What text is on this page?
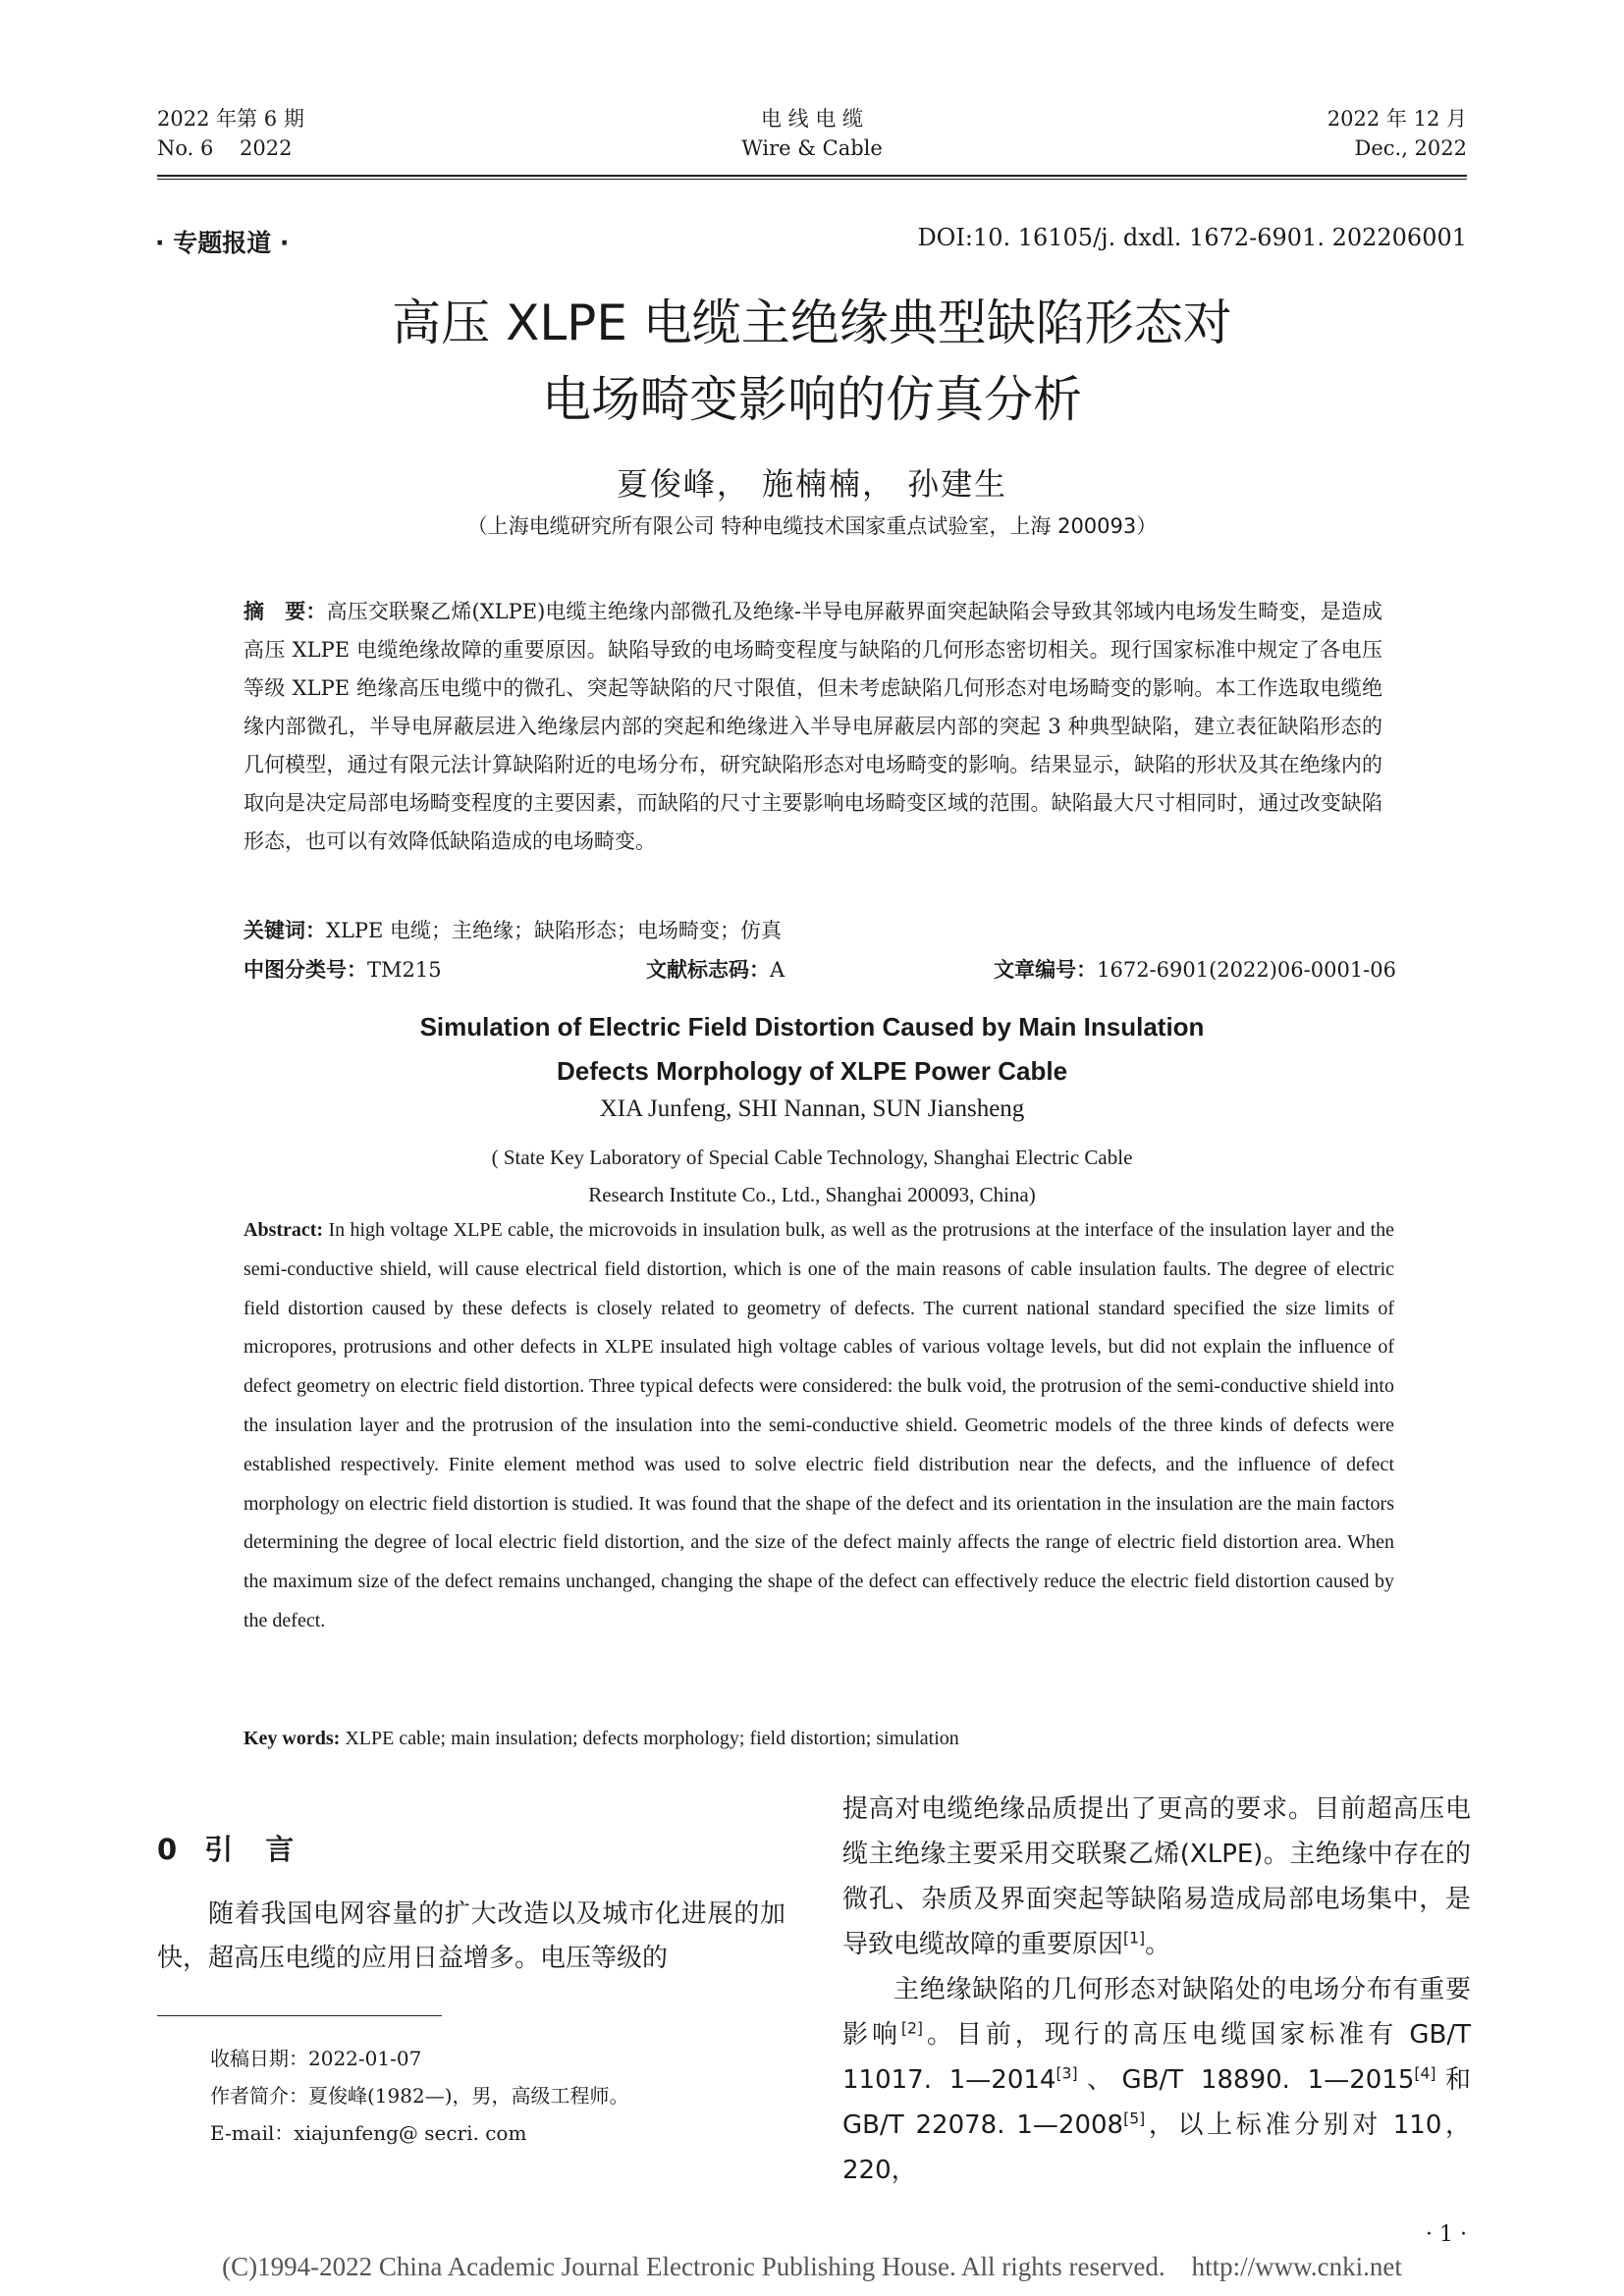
2022 年第 6 期
No. 6    2022
电 线 电 缆
Wire & Cable
2022 年 12 月
Dec., 2022
· 专题报道 ·	DOI:10. 16105/j. dxdl. 1672-6901. 202206001
高压 XLPE 电缆主绝缘典型缺陷形态对
电场畸变影响的仿真分析
夏俊峰， 施楠楠， 孙建生
（上海电缆研究所有限公司 特种电缆技术国家重点试验室，上海 200093）
摘　要：高压交联聚乙烯(XLPE)电缆主绝缘内部微孔及绝缘-半导电屏蔽界面突起缺陷会导致其邻域内电场发生畸变，是造成高压 XLPE 电缆绝缘故障的重要原因。缺陷导致的电场畸变程度与缺陷的几何形态密切相关。现行国家标准中规定了各电压等级 XLPE 绝缘高压电缆中的微孔、突起等缺陷的尺寸限值，但未考虑缺陷几何形态对电场畸变的影响。本工作选取电缆绝缘内部微孔，半导电屏蔽层进入绝缘层内部的突起和绝缘进入半导电屏蔽层内部的突起 3 种典型缺陷，建立表征缺陷形态的几何模型，通过有限元法计算缺陷附近的电场分布，研究缺陷形态对电场畸变的影响。结果显示，缺陷的形状及其在绝缘内的取向是决定局部电场畸变程度的主要因素，而缺陷的尺寸主要影响电场畸变区域的范围。缺陷最大尺寸相同时，通过改变缺陷形态，也可以有效降低缺陷造成的电场畸变。
关键词：XLPE 电缆；主绝缘；缺陷形态；电场畸变；仿真
中图分类号：TM215	文献标志码：A	文章编号：1672-6901(2022)06-0001-06
Simulation of Electric Field Distortion Caused by Main Insulation
Defects Morphology of XLPE Power Cable
XIA Junfeng, SHI Nannan, SUN Jiansheng
( State Key Laboratory of Special Cable Technology, Shanghai Electric Cable
Research Institute Co., Ltd., Shanghai 200093, China)
Abstract: In high voltage XLPE cable, the microvoids in insulation bulk, as well as the protrusions at the interface of the insulation layer and the semi-conductive shield, will cause electrical field distortion, which is one of the main reasons of cable insulation faults. The degree of electric field distortion caused by these defects is closely related to geometry of defects. The current national standard specified the size limits of micropores, protrusions and other defects in XLPE insulated high voltage cables of various voltage levels, but did not explain the influence of defect geometry on electric field distortion. Three typical defects were considered: the bulk void, the protrusion of the semi-conductive shield into the insulation layer and the protrusion of the insulation into the semi-conductive shield. Geometric models of the three kinds of defects were established respectively. Finite element method was used to solve electric field distribution near the defects, and the influence of defect morphology on electric field distortion is studied. It was found that the shape of the defect and its orientation in the insulation are the main factors determining the degree of local electric field distortion, and the size of the defect mainly affects the range of electric field distortion area. When the maximum size of the defect remains unchanged, changing the shape of the defect can effectively reduce the electric field distortion caused by the defect.
Key words: XLPE cable; main insulation; defects morphology; field distortion; simulation
0 引　言
随着我国电网容量的扩大改造以及城市化进展的加快，超高压电缆的应用日益增多。电压等级的

提高对电缆绝缘品质提出了更高的要求。目前超高压电缆主绝缘主要采用交联聚乙烯(XLPE)。主绝缘中存在的微孔、杂质及界面突起等缺陷易造成局部电场集中，是导致电缆故障的重要原因[1]。

主绝缘缺陷的几何形态对缺陷处的电场分布有重要影响[2]。目前，现行的高压电缆国家标准有 GB/T 11017. 1—2014[3]、GB/T 18890. 1—2015[4]和 GB/T 22078. 1—2008[5]，以上标准分别对 110，220，

收稿日期：2022-01-07
作者简介：夏俊峰(1982—)，男，高级工程师。
E-mail：xiajunfeng@ secri. com
· 1 ·
(C)1994-2022 China Academic Journal Electronic Publishing House. All rights reserved.    http://www.cnki.net
